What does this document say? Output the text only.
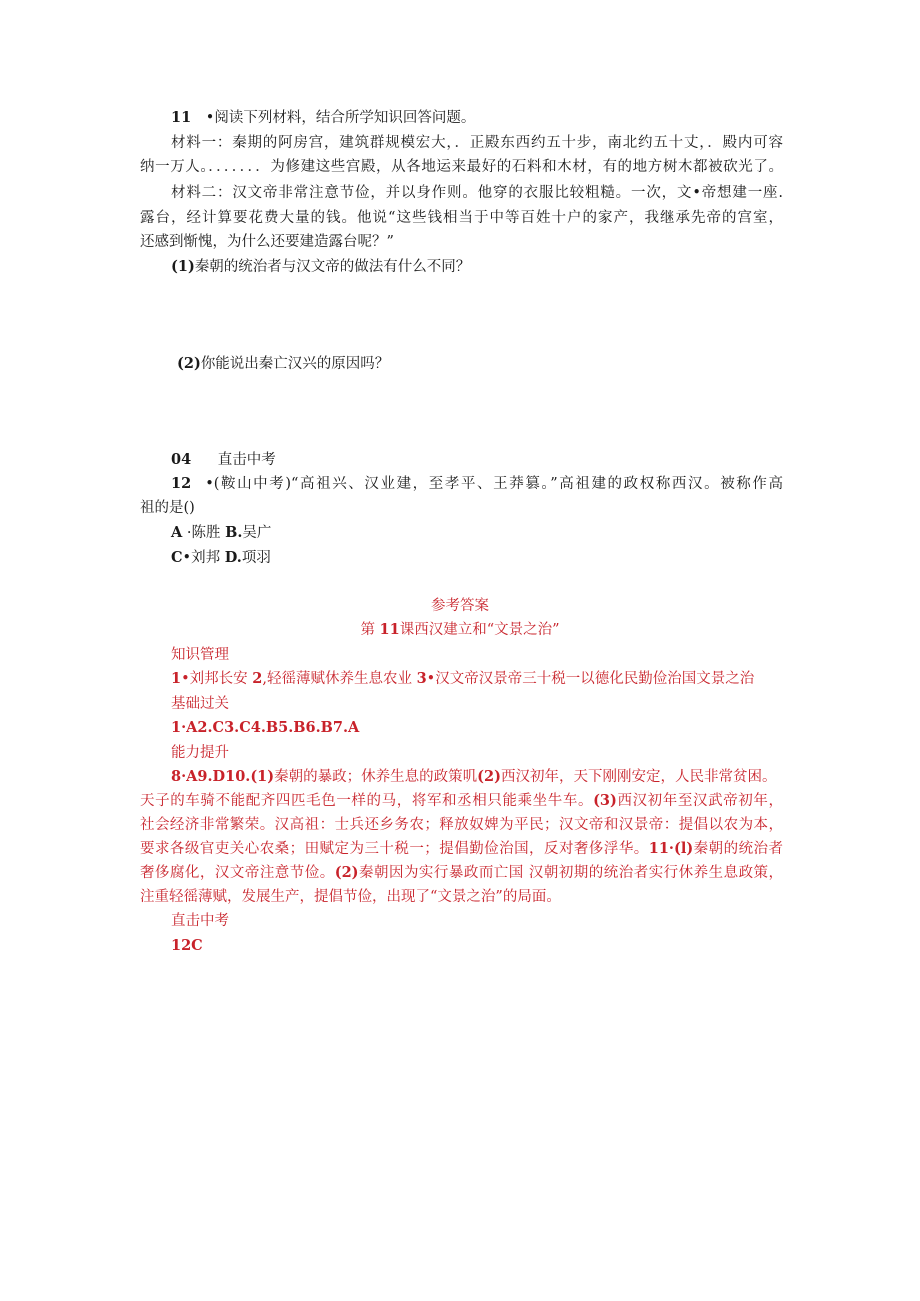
11 •阅读下列材料，结合所学知识回答问题。
材料一：秦期的阿房宫，建筑群规模宏大，．正殿东西约五十步，南北约五十丈，．殿内可容
纳一万人。．．．．．．．为修建这些宫殿，从各地运来最好的石料和木材，有的地方树木都被砍光了。
材料二：汉文帝非常注意节俭，并以身作则。他穿的衣服比较粗糙。一次，文•帝想建一座.
露台，经计算要花费大量的钱。他说“这些钱相当于中等百姓十户的家产，我继承先帝的宫室，
还感到惭愧，为什么还要建造露台呢？”
(1)秦朝的统治者与汉文帝的做法有什么不同？
(2)你能说出秦亡汉兴的原因吗？
04 直击中考
12 •(鞍山中考)“高祖兴、汉业建，至孝平、王莽篡。”高祖建的政权称西汉。被称作高
祖的是()
A ·陈胜 B.吴广
C•刘邦 D.项羽
参考答案
第 11课西汉建立和“文景之治”
知识管理
1•刘邦长安 2,轻徭薄赋休养生息农业 3•汉文帝汉景帝三十税一以德化民勤俭治国文景之治
基础过关
1·A2.C3.C4.B5.B6.B7.A
能力提升
8·A9.D10.(1)秦朝的暴政；休养生息的政策叽(2)西汉初年，天下刚刚安定，人民非常贫困。
天子的车骑不能配齐四匹毛色一样的马，将军和丞相只能乘坐牛车。(3)西汉初年至汉武帝初年，
社会经济非常繁荣。汉高祖：士兵还乡务农；释放奴婢为平民；汉文帝和汉景帝：提倡以农为本，
要求各级官吏关心农桑；田赋定为三十税一；提倡勤俭治国，反对奢侈浮华。11·(l)秦朝的统治者
奢侈腐化，汉文帝注意节俭。(2)秦朝因为实行暴政而亡国 汉朝初期的统治者实行休养生息政策，
注重轻徭薄赋，发展生产，提倡节俭，出现了“文景之治”的局面。
直击中考
12C
